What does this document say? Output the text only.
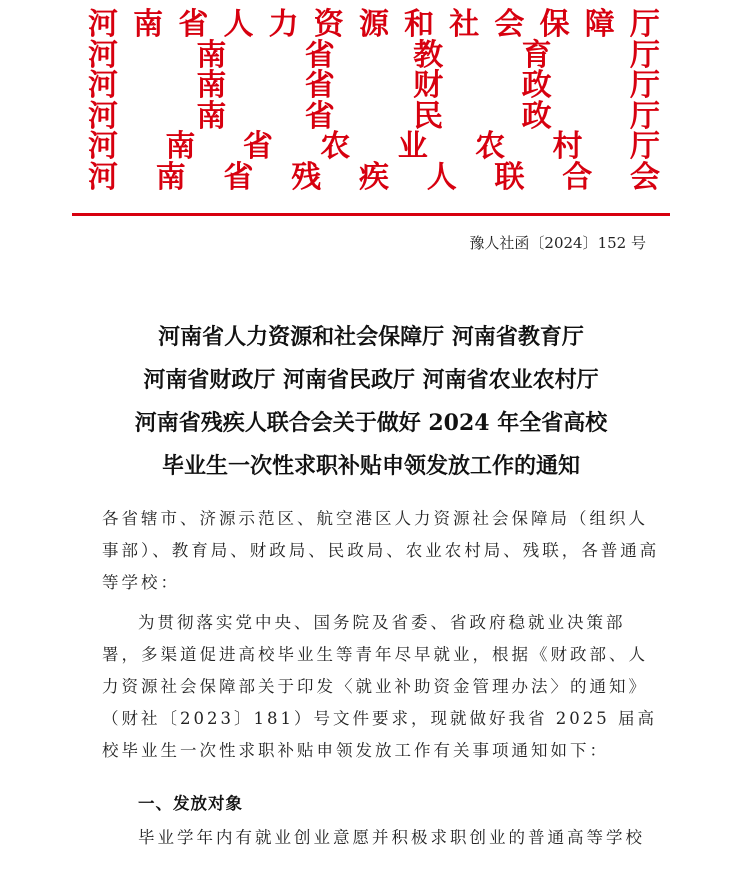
河 南 省 人 力 资 源 和 社 会 保 障 厅
河	南	省	教	育	厅
河	南	省	财	政	厅
河	南	省	民	政	厅
河 南 省 农 业 农 村 厅
河 南 省 残 疾 人 联 合 会
豫人社函〔2024〕152 号
河南省人力资源和社会保障厅 河南省教育厅
河南省财政厅 河南省民政厅 河南省农业农村厅
河南省残疾人联合会关于做好 2024 年全省高校
毕业生一次性求职补贴申领发放工作的通知
各省辖市、济源示范区、航空港区人力资源社会保障局（组织人事部）、教育局、财政局、民政局、农业农村局、残联，各普通高等学校：
为贯彻落实党中央、国务院及省委、省政府稳就业决策部署，多渠道促进高校毕业生等青年尽早就业，根据《财政部、人力资源社会保障部关于印发〈就业补助资金管理办法〉的通知》（财社〔2023〕181）号文件要求，现就做好我省 2025 届高校毕业生一次性求职补贴申领发放工作有关事项通知如下：
一、发放对象
毕业学年内有就业创业意愿并积极求职创业的普通高等学校
